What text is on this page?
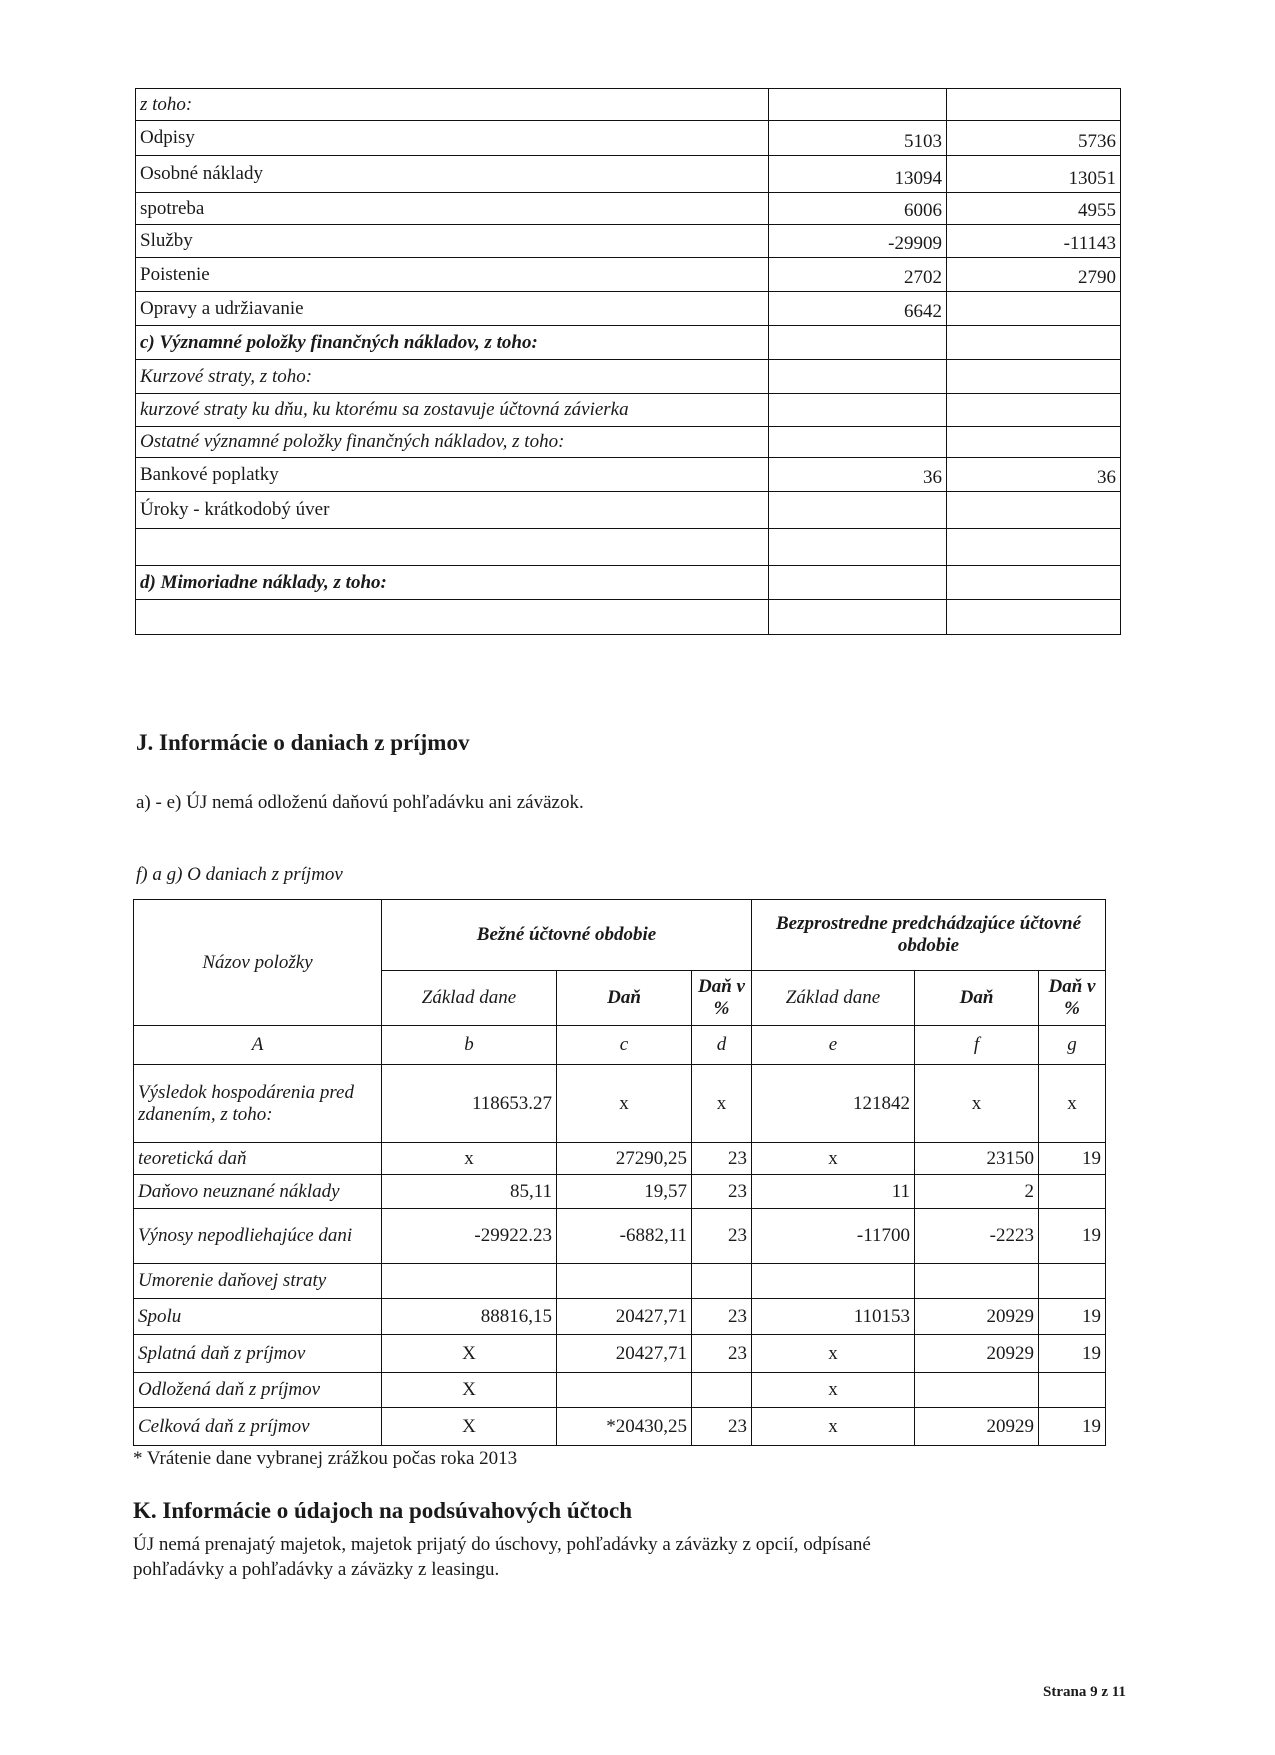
z toho:		
Odpisy	5103	5736
Osobné náklady	13094	13051
spotreba	6006	4955
Služby	-29909	-11143
Poistenie	2702	2790
Opravy a udržiavanie	6642	
c) Významné položky finančných nákladov, z toho:		
Kurzové straty, z toho:		
kurzové straty ku dňu, ku ktorému sa zostavuje účtovná závierka		
Ostatné významné položky finančných nákladov, z toho:		
Bankové poplatky	36	36
Úroky - krátkodobý úver		

d) Mimoriadne náklady, z toho:		

J. Informácie o daniach z príjmov
a) - e) ÚJ nemá odloženú daňovú pohľadávku ani záväzok.
f) a g) O daniach z príjmov
Názov položky	Bežné účtovné obdobie			Bezprostredne predchádzajúce účtovné obdobie		
	Základ dane	Daň	Daň v %	Základ dane	Daň	Daň v %
A	b	c	d	e	f	g
Výsledok hospodárenia pred zdanením, z toho:	118653.27	x	x	121842	x	x
teoretická daň	x	27290,25	23	x	23150	19
Daňovo neuznané náklady	85,11	19,57	23	11	2	
Výnosy nepodliehajúce dani	-29922.23	-6882,11	23	-11700	-2223	19
Umorenie daňovej straty						
Spolu	88816,15	20427,71	23	110153	20929	19
Splatná daň z príjmov	X	20427,71	23	x	20929	19
Odložená daň z príjmov	X			x		
Celková daň z príjmov	X	*20430,25	23	x	20929	19
* Vrátenie dane vybranej zrážkou počas roka 2013
K. Informácie o údajoch na podsúvahových účtoch
ÚJ nemá prenajatý majetok, majetok prijatý do úschovy, pohľadávky a záväzky z opcií, odpísané
pohľadávky a pohľadávky a záväzky z leasingu.
Strana 9 z 11
